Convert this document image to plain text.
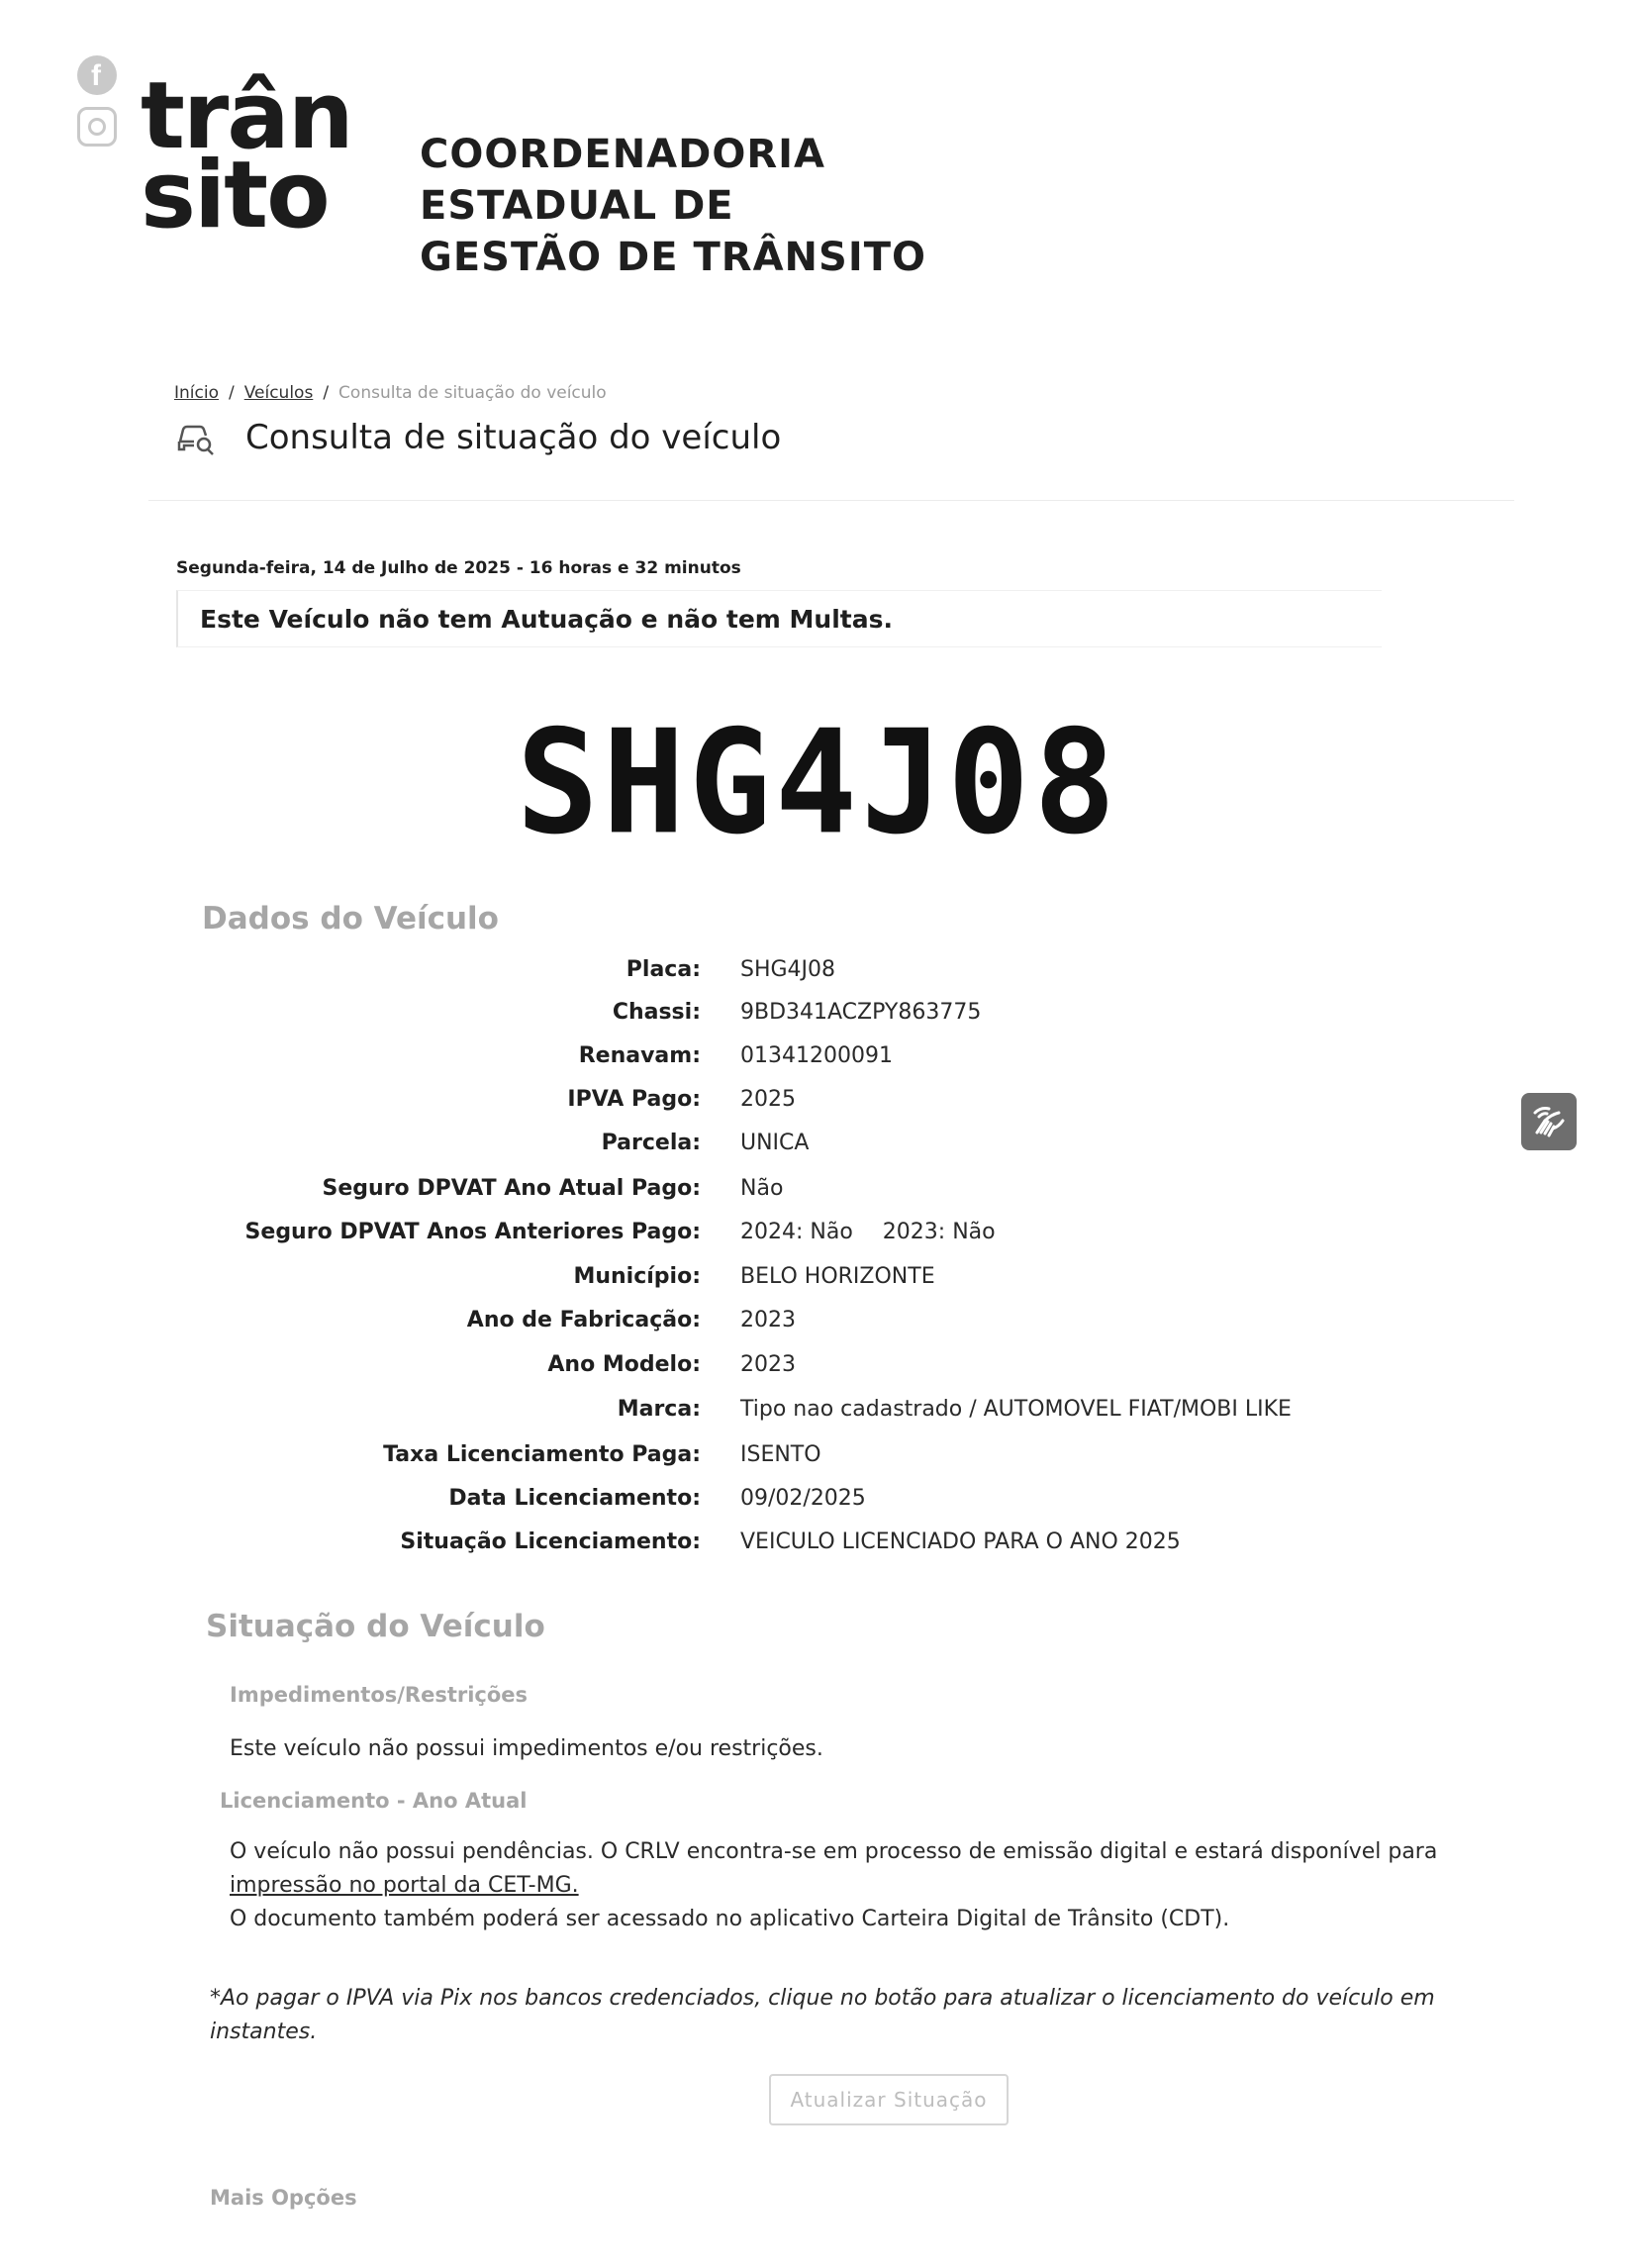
f trân
sito	COORDENADORIA
ESTADUAL DE
GESTÃO DE TRÂNSITO
Início / Veículos / Consulta de situação do veículo
Consulta de situação do veículo
Segunda-feira, 14 de Julho de 2025 - 16 horas e 32 minutos
Este Veículo não tem Autuação e não tem Multas.
SHG4J08
Dados do Veículo
Placa: SHG4J08
Chassi: 9BD341ACZPY863775
Renavam: 01341200091
IPVA Pago: 2025
Parcela: UNICA
Seguro DPVAT Ano Atual Pago: Não
Seguro DPVAT Anos Anteriores Pago: 2024: Não 2023: Não
Município: BELO HORIZONTE
Ano de Fabricação: 2023
Ano Modelo: 2023
Marca: Tipo nao cadastrado / AUTOMOVEL FIAT/MOBI LIKE
Taxa Licenciamento Paga: ISENTO
Data Licenciamento: 09/02/2025
Situação Licenciamento: VEICULO LICENCIADO PARA O ANO 2025
Situação do Veículo
Impedimentos/Restrições
Este veículo não possui impedimentos e/ou restrições.
Licenciamento - Ano Atual
O veículo não possui pendências. O CRLV encontra-se em processo de emissão digital e estará disponível para
impressão no portal da CET-MG.
O documento também poderá ser acessado no aplicativo Carteira Digital de Trânsito (CDT).
*Ao pagar o IPVA via Pix nos bancos credenciados, clique no botão para atualizar o licenciamento do veículo em
instantes.
Atualizar Situação
Mais Opções
